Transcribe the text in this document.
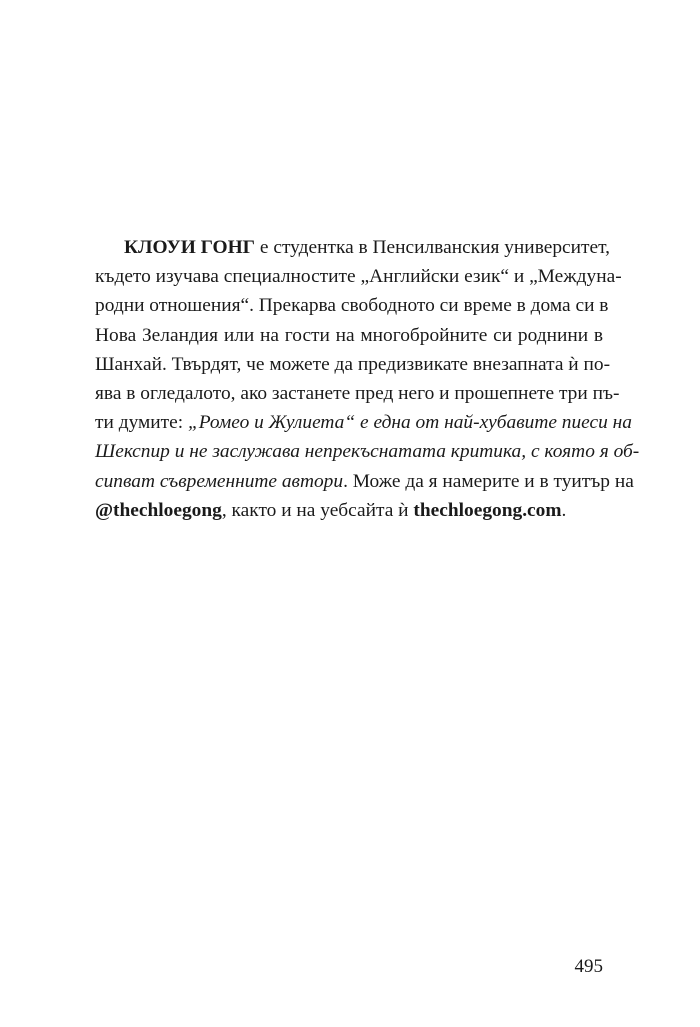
КЛОУИ ГОНГ е студентка в Пенсилванския университет,
където изучава специалностите „Английски език“ и „Междуна-
родни отношения“. Прекарва свободното си време в дома си в
Нова Зеландия или на гости на многобройните си роднини в
Шанхай. Твърдят, че можете да предизвикате внезапната ѝ по-
ява в огледалото, ако застанете пред него и прошепнете три пъ-
ти думите: „Ромео и Жулиета“ е една от най-хубавите пиеси на
Шекспир и не заслужава непрекъснатата критика, с която я об-
сипват съвременните автори. Може да я намерите и в туитър на
@thechloegong, както и на уебсайта ѝ thechloegong.com.

495
